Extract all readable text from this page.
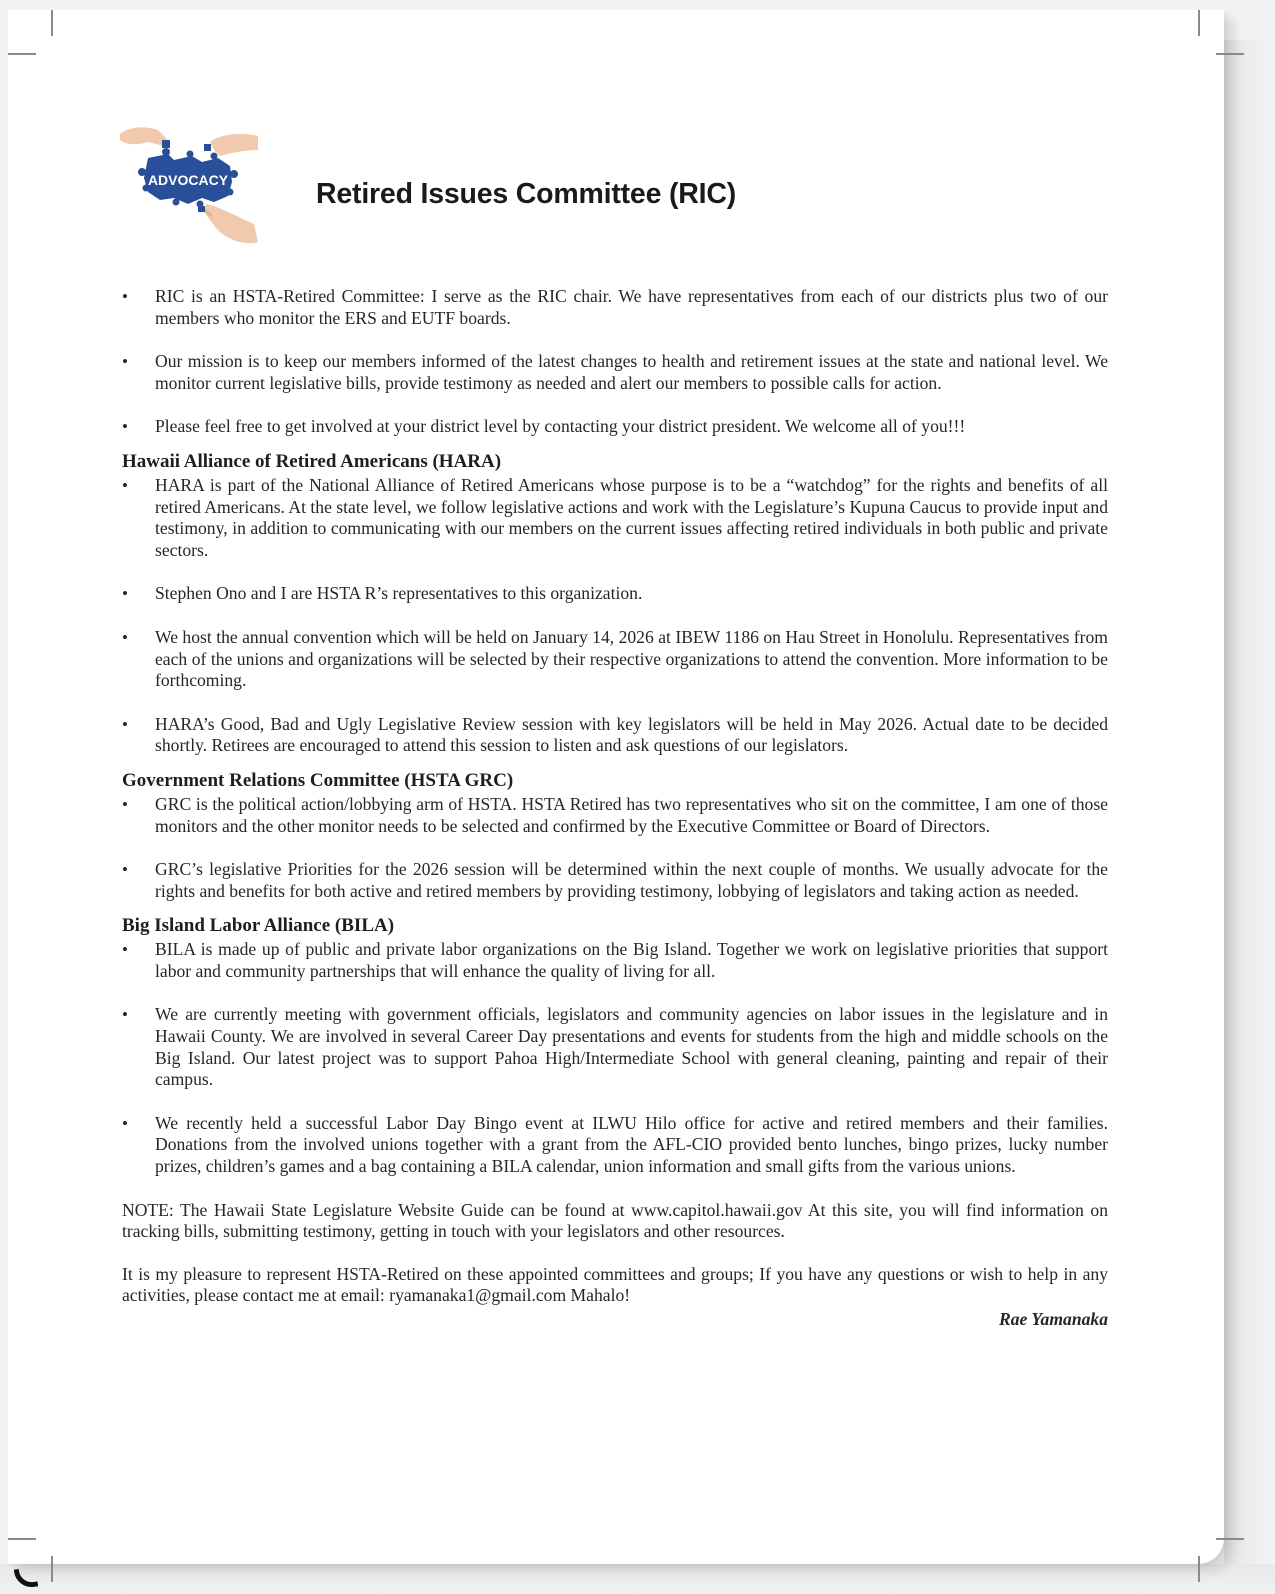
ADVOCACY	Retired Issues Committee (RIC)
• RIC is an HSTA-Retired Committee: I serve as the RIC chair. We have representatives from each of our districts plus two of our members who monitor the ERS and EUTF boards.
• Our mission is to keep our members informed of the latest changes to health and retirement issues at the state and national level. We monitor current legislative bills, provide testimony as needed and alert our members to possible calls for action.
• Please feel free to get involved at your district level by contacting your district president. We welcome all of you!!!
Hawaii Alliance of Retired Americans (HARA)
• HARA is part of the National Alliance of Retired Americans whose purpose is to be a “watchdog” for the rights and benefits of all retired Americans. At the state level, we follow legislative actions and work with the Legislature’s Kupuna Caucus to provide input and testimony, in addition to communicating with our members on the current issues affecting retired individuals in both public and private sectors.
• Stephen Ono and I are HSTA R’s representatives to this organization.
• We host the annual convention which will be held on January 14, 2026 at IBEW 1186 on Hau Street in Honolulu. Representatives from each of the unions and organizations will be selected by their respective organizations to attend the convention. More information to be forthcoming.
• HARA’s Good, Bad and Ugly Legislative Review session with key legislators will be held in May 2026. Actual date to be decided shortly. Retirees are encouraged to attend this session to listen and ask questions of our legislators.
Government Relations Committee (HSTA GRC)
• GRC is the political action/lobbying arm of HSTA. HSTA Retired has two representatives who sit on the committee, I am one of those monitors and the other monitor needs to be selected and confirmed by the Executive Committee or Board of Directors.
• GRC’s legislative Priorities for the 2026 session will be determined within the next couple of months. We usually advocate for the rights and benefits for both active and retired members by providing testimony, lobbying of legislators and taking action as needed.
Big Island Labor Alliance (BILA)
• BILA is made up of public and private labor organizations on the Big Island. Together we work on legislative priorities that support labor and community partnerships that will enhance the quality of living for all.
• We are currently meeting with government officials, legislators and community agencies on labor issues in the legislature and in Hawaii County. We are involved in several Career Day presentations and events for students from the high and middle schools on the Big Island. Our latest project was to support Pahoa High/Intermediate School with general cleaning, painting and repair of their campus.
• We recently held a successful Labor Day Bingo event at ILWU Hilo office for active and retired members and their families. Donations from the involved unions together with a grant from the AFL-CIO provided bento lunches, bingo prizes, lucky number prizes, children’s games and a bag containing a BILA calendar, union information and small gifts from the various unions.

NOTE: The Hawaii State Legislature Website Guide can be found at www.capitol.hawaii.gov At this site, you will find information on tracking bills, submitting testimony, getting in touch with your legislators and other resources.

It is my pleasure to represent HSTA-Retired on these appointed committees and groups; If you have any questions or wish to help in any activities, please contact me at email: ryamanaka1@gmail.com Mahalo!

Rae Yamanaka
